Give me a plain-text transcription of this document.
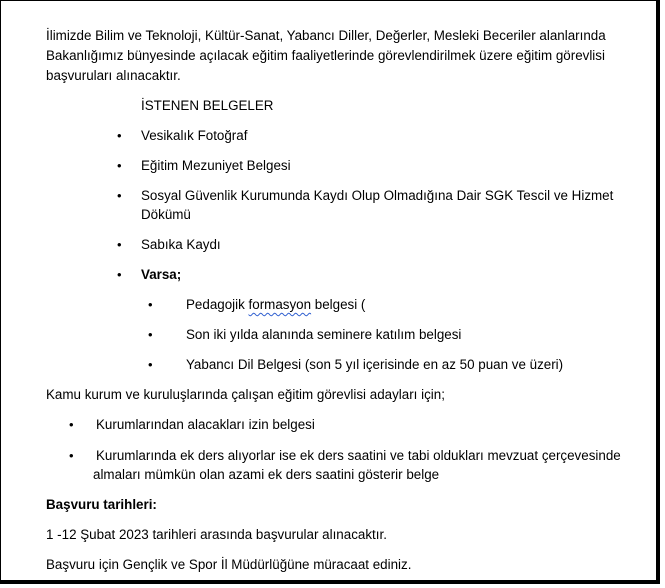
İlimizde Bilim ve Teknoloji, Kültür-Sanat, Yabancı Diller, Değerler, Mesleki Beceriler alanlarında
Bakanlığımız bünyesinde açılacak eğitim faaliyetlerinde görevlendirilmek üzere eğitim görevlisi
başvuruları alınacaktır.
İSTENEN BELGELER
• Vesikalık Fotoğraf
• Eğitim Mezuniyet Belgesi
• Sosyal Güvenlik Kurumunda Kaydı Olup Olmadığına Dair SGK Tescil ve Hizmet
Dökümü
• Sabıka Kaydı
• Varsa;
• Pedagojik formasyon belgesi (
• Son iki yılda alanında seminere katılım belgesi
• Yabancı Dil Belgesi (son 5 yıl içerisinde en az 50 puan ve üzeri)
Kamu kurum ve kuruluşlarında çalışan eğitim görevlisi adayları için;
• Kurumlarından alacakları izin belgesi
• Kurumlarında ek ders alıyorlar ise ek ders saatini ve tabi oldukları mevzuat çerçevesinde
almaları mümkün olan azami ek ders saatini gösterir belge
Başvuru tarihleri:
1 -12 Şubat 2023 tarihleri arasında başvurular alınacaktır.
Başvuru için Gençlik ve Spor İl Müdürlüğüne müracaat ediniz.
